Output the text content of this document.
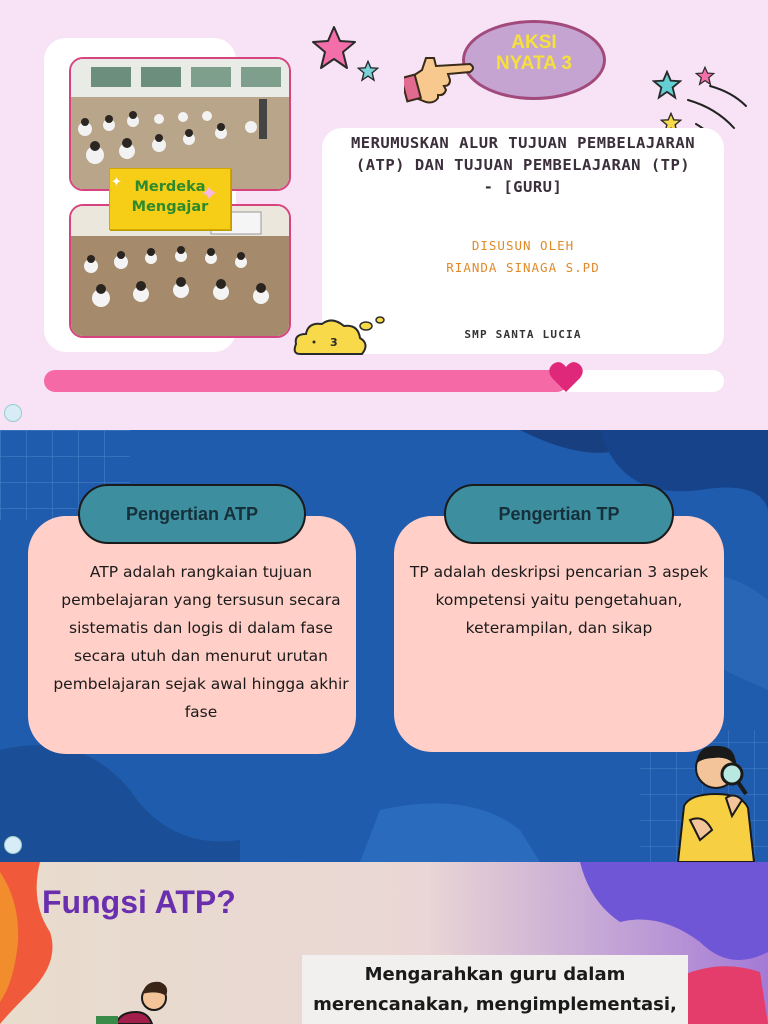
Merdeka
Mengajar
✦	✦
AKSI
NYATA 3
MERUMUSKAN ALUR TUJUAN PEMBELAJARAN (ATP) DAN TUJUAN PEMBELAJARAN (TP) - [GURU]
DISUSUN OLEH
RIANDA SINAGA S.PD
SMP SANTA LUCIA
3
Pengertian ATP
ATP adalah rangkaian tujuan pembelajaran yang tersusun secara sistematis dan logis di dalam fase secara utuh dan menurut urutan pembelajaran sejak awal hingga akhir fase
Pengertian TP
TP adalah deskripsi pencarian 3 aspek kompetensi yaitu pengetahuan, keterampilan, dan sikap
Fungsi ATP?
Mengarahkan guru dalam
merencanakan, mengimplementasi,
